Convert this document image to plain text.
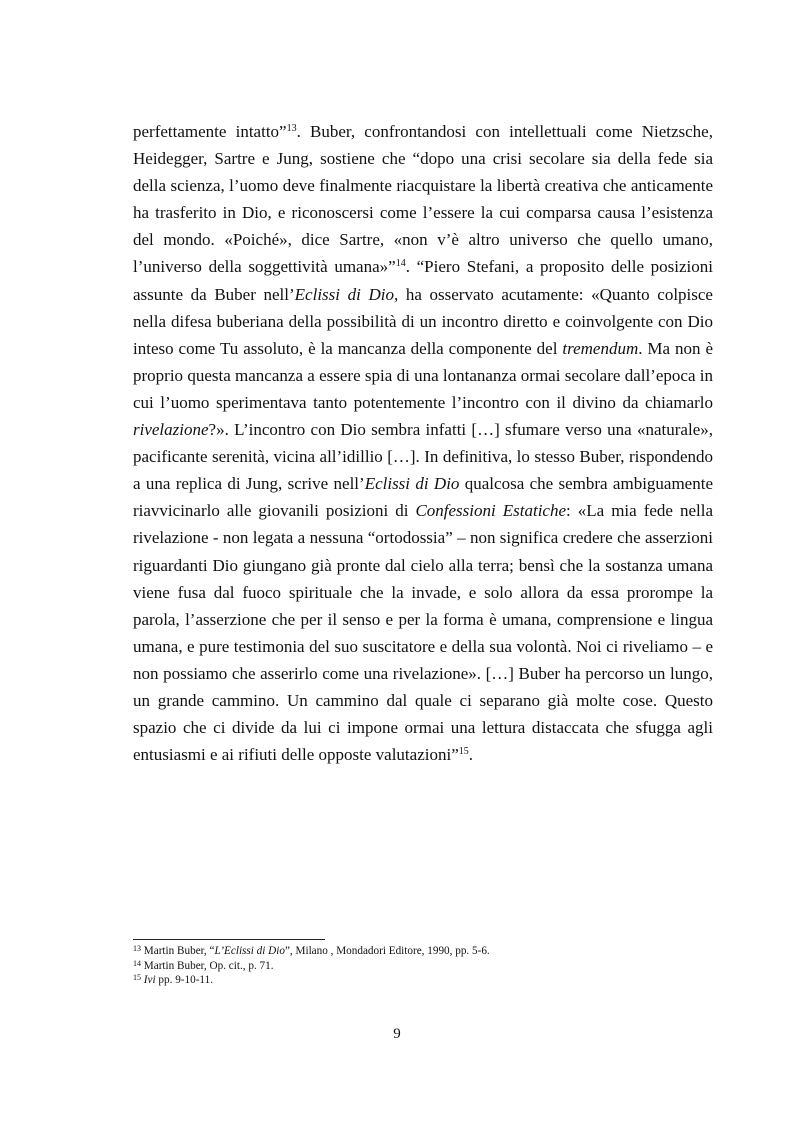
perfettamente intatto”$^{13}$. Buber, confrontandosi con intellettuali come Nietzsche, Heidegger, Sartre e Jung, sostiene che “dopo una crisi secolare sia della fede sia della scienza, l’uomo deve finalmente riacquistare la libertà creativa che anticamente ha trasferito in Dio, e riconoscersi come l’essere la cui comparsa causa l’esistenza del mondo. «Poiché», dice Sartre, «non v’è altro universo che quello umano, l’universo della soggettività umana»”$^{14}$. “Piero Stefani, a proposito delle posizioni assunte da Buber nell’Eclissi di Dio, ha osservato acutamente: «Quanto colpisce nella difesa buberiana della possibilità di un incontro diretto e coinvolgente con Dio inteso come Tu assoluto, è la mancanza della componente del tremendum. Ma non è proprio questa mancanza a essere spia di una lontananza ormai secolare dall’epoca in cui l’uomo sperimentava tanto potentemente l’incontro con il divino da chiamarlo rivelazione?». L’incontro con Dio sembra infatti […] sfumare verso una «naturale», pacificante serenità, vicina all’idillio […]. In definitiva, lo stesso Buber, rispondendo a una replica di Jung, scrive nell’Eclissi di Dio qualcosa che sembra ambiguamente riavvicinarlo alle giovanili posizioni di Confessioni Estatiche: «La mia fede nella rivelazione - non legata a nessuna “ortodossia” – non significa credere che asserzioni riguardanti Dio giungano già pronte dal cielo alla terra; bensì che la sostanza umana viene fusa dal fuoco spirituale che la invade, e solo allora da essa prorompe la parola, l’asserzione che per il senso e per la forma è umana, comprensione e lingua umana, e pure testimonia del suo suscitatore e della sua volontà. Noi ci riveliamo – e non possiamo che asserirlo come una rivelazione». […] Buber ha percorso un lungo, un grande cammino. Un cammino dal quale ci separano già molte cose. Questo spazio che ci divide da lui ci impone ormai una lettura distaccata che sfugga agli entusiasmi e ai rifiuti delle opposte valutazioni”$^{15}$.

$^{13}$ Martin Buber, “L’Eclissi di Dio”, Milano , Mondadori Editore, 1990, pp. 5-6.

$^{14}$ Martin Buber, Op. cit., p. 71.

$^{15}$ Ivi pp. 9-10-11.

9
